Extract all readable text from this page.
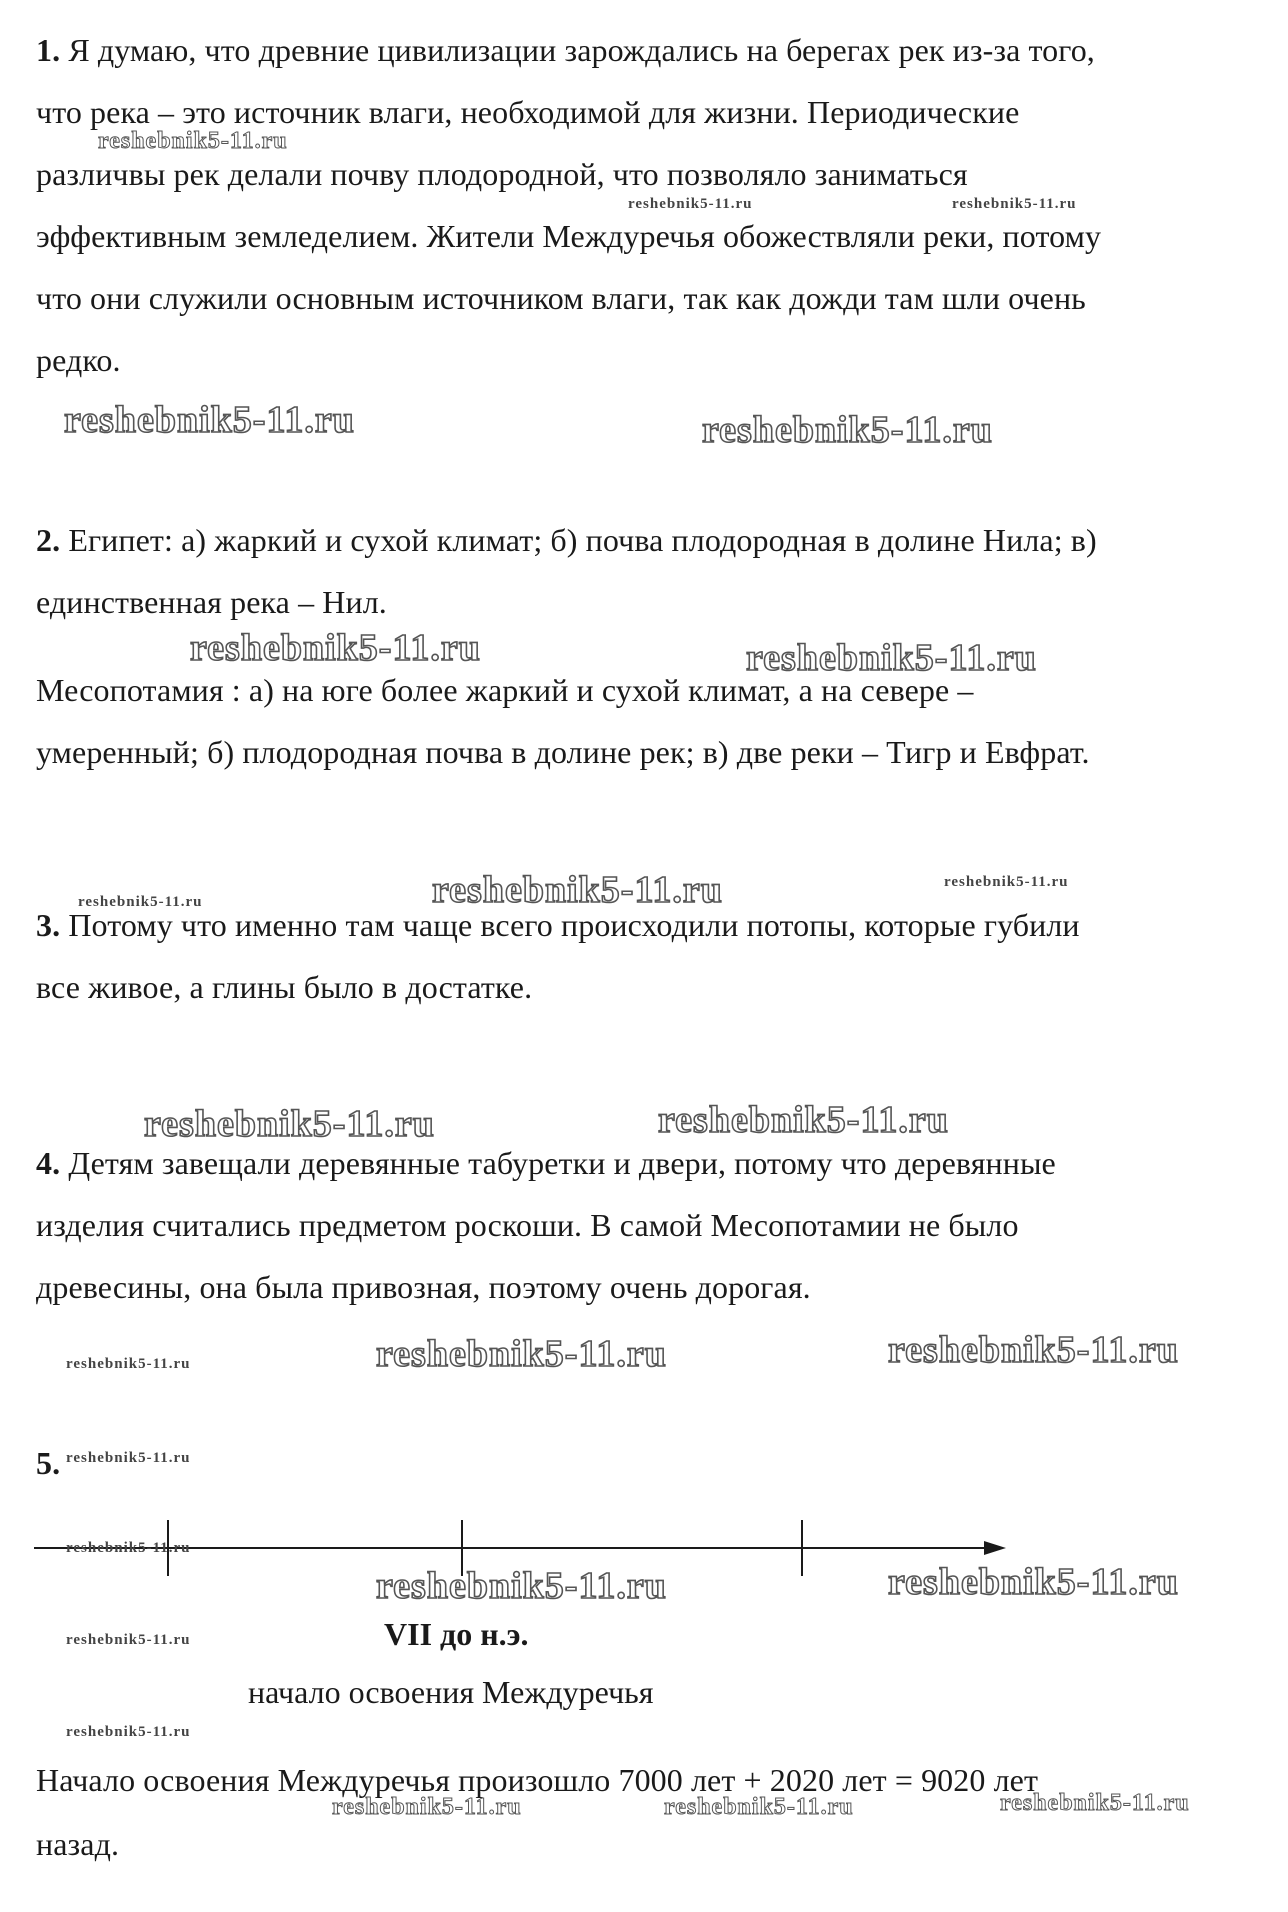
1. Я думаю, что древние цивилизации зарождались на берегах рек из-за того,
что река – это источник влаги, необходимой для жизни. Периодические
различвы рек делали почву плодородной, что позволяло заниматься
эффективным земледелием. Жители Междуречья обожествляли реки, потому
что они служили основным источником влаги, так как дожди там шли очень
редко.
2. Египет: а) жаркий и сухой климат; б) почва плодородная в долине Нила; в)
единственная река – Нил.
Месопотамия : а) на юге более жаркий и сухой климат, а на севере –
умеренный; б) плодородная почва в долине рек; в) две реки – Тигр и Евфрат.
3. Потому что именно там чаще всего происходили потопы, которые губили
все живое, а глины было в достатке.
4. Детям завещали деревянные табуретки и двери, потому что деревянные
изделия считались предметом роскоши. В самой Месопотамии не было
древесины, она была привозная, поэтому очень дорогая.
5.
VII до н.э.
начало освоения Междуречья
Начало освоения Междуречья произошло 7000 лет + 2020 лет = 9020 лет
назад.
reshebnik5-11.ru
reshebnik5-11.ru	reshebnik5-11.ru
reshebnik5-11.ru	reshebnik5-11.ru
reshebnik5-11.ru	reshebnik5-11.ru
reshebnik5-11.ru	reshebnik5-11.ru	reshebnik5-11.ru
reshebnik5-11.ru	reshebnik5-11.ru
reshebnik5-11.ru	reshebnik5-11.ru	reshebnik5-11.ru
reshebnik5-11.ru
reshebnik5-11.ru
reshebnik5-11.ru	reshebnik5-11.ru
reshebnik5-11.ru
reshebnik5-11.ru
reshebnik5-11.ru	reshebnik5-11.ru	reshebnik5-11.ru
